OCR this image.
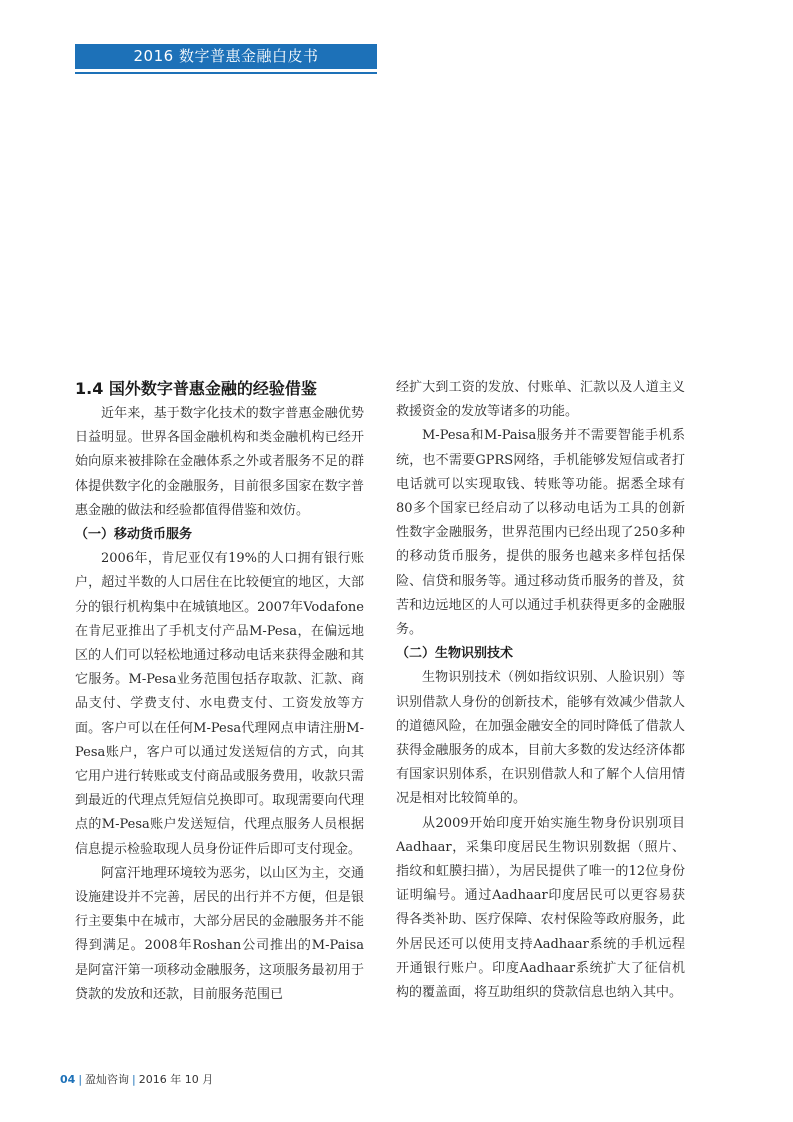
2016 数字普惠金融白皮书
1.4 国外数字普惠金融的经验借鉴

近年来，基于数字化技术的数字普惠金融优势日益明显。世界各国金融机构和类金融机构已经开始向原来被排除在金融体系之外或者服务不足的群体提供数字化的金融服务，目前很多国家在数字普惠金融的做法和经验都值得借鉴和效仿。

（一）移动货币服务

2006年，肯尼亚仅有19%的人口拥有银行账户，超过半数的人口居住在比较便宜的地区，大部分的银行机构集中在城镇地区。2007年Vodafone在肯尼亚推出了手机支付产品M-Pesa，在偏远地区的人们可以轻松地通过移动电话来获得金融和其它服务。M-Pesa业务范围包括存取款、汇款、商品支付、学费支付、水电费支付、工资发放等方面。客户可以在任何M-Pesa代理网点申请注册M-Pesa账户，客户可以通过发送短信的方式，向其它用户进行转账或支付商品或服务费用，收款只需到最近的代理点凭短信兑换即可。取现需要向代理点的M-Pesa账户发送短信，代理点服务人员根据信息提示检验取现人员身份证件后即可支付现金。

阿富汗地理环境较为恶劣，以山区为主，交通设施建设并不完善，居民的出行并不方便，但是银行主要集中在城市，大部分居民的金融服务并不能得到满足。2008年Roshan公司推出的M-Paisa是阿富汗第一项移动金融服务，这项服务最初用于贷款的发放和还款，目前服务范围已

经扩大到工资的发放、付账单、汇款以及人道主义救援资金的发放等诸多的功能。

M-Pesa和M-Paisa服务并不需要智能手机系统，也不需要GPRS网络，手机能够发短信或者打电话就可以实现取钱、转账等功能。据悉全球有80多个国家已经启动了以移动电话为工具的创新性数字金融服务，世界范围内已经出现了250多种的移动货币服务，提供的服务也越来多样包括保险、信贷和服务等。通过移动货币服务的普及，贫苦和边远地区的人可以通过手机获得更多的金融服务。

（二）生物识别技术

生物识别技术（例如指纹识别、人脸识别）等识别借款人身份的创新技术，能够有效减少借款人的道德风险，在加强金融安全的同时降低了借款人获得金融服务的成本，目前大多数的发达经济体都有国家识别体系，在识别借款人和了解个人信用情况是相对比较简单的。

从2009开始印度开始实施生物身份识别项目Aadhaar，采集印度居民生物识别数据（照片、指纹和虹膜扫描），为居民提供了唯一的12位身份证明编号。通过Aadhaar印度居民可以更容易获得各类补助、医疗保障、农村保险等政府服务，此外居民还可以使用支持Aadhaar系统的手机远程开通银行账户。印度Aadhaar系统扩大了征信机构的覆盖面，将互助组织的贷款信息也纳入其中。

04 | 盈灿咨询 | 2016 年 10 月
